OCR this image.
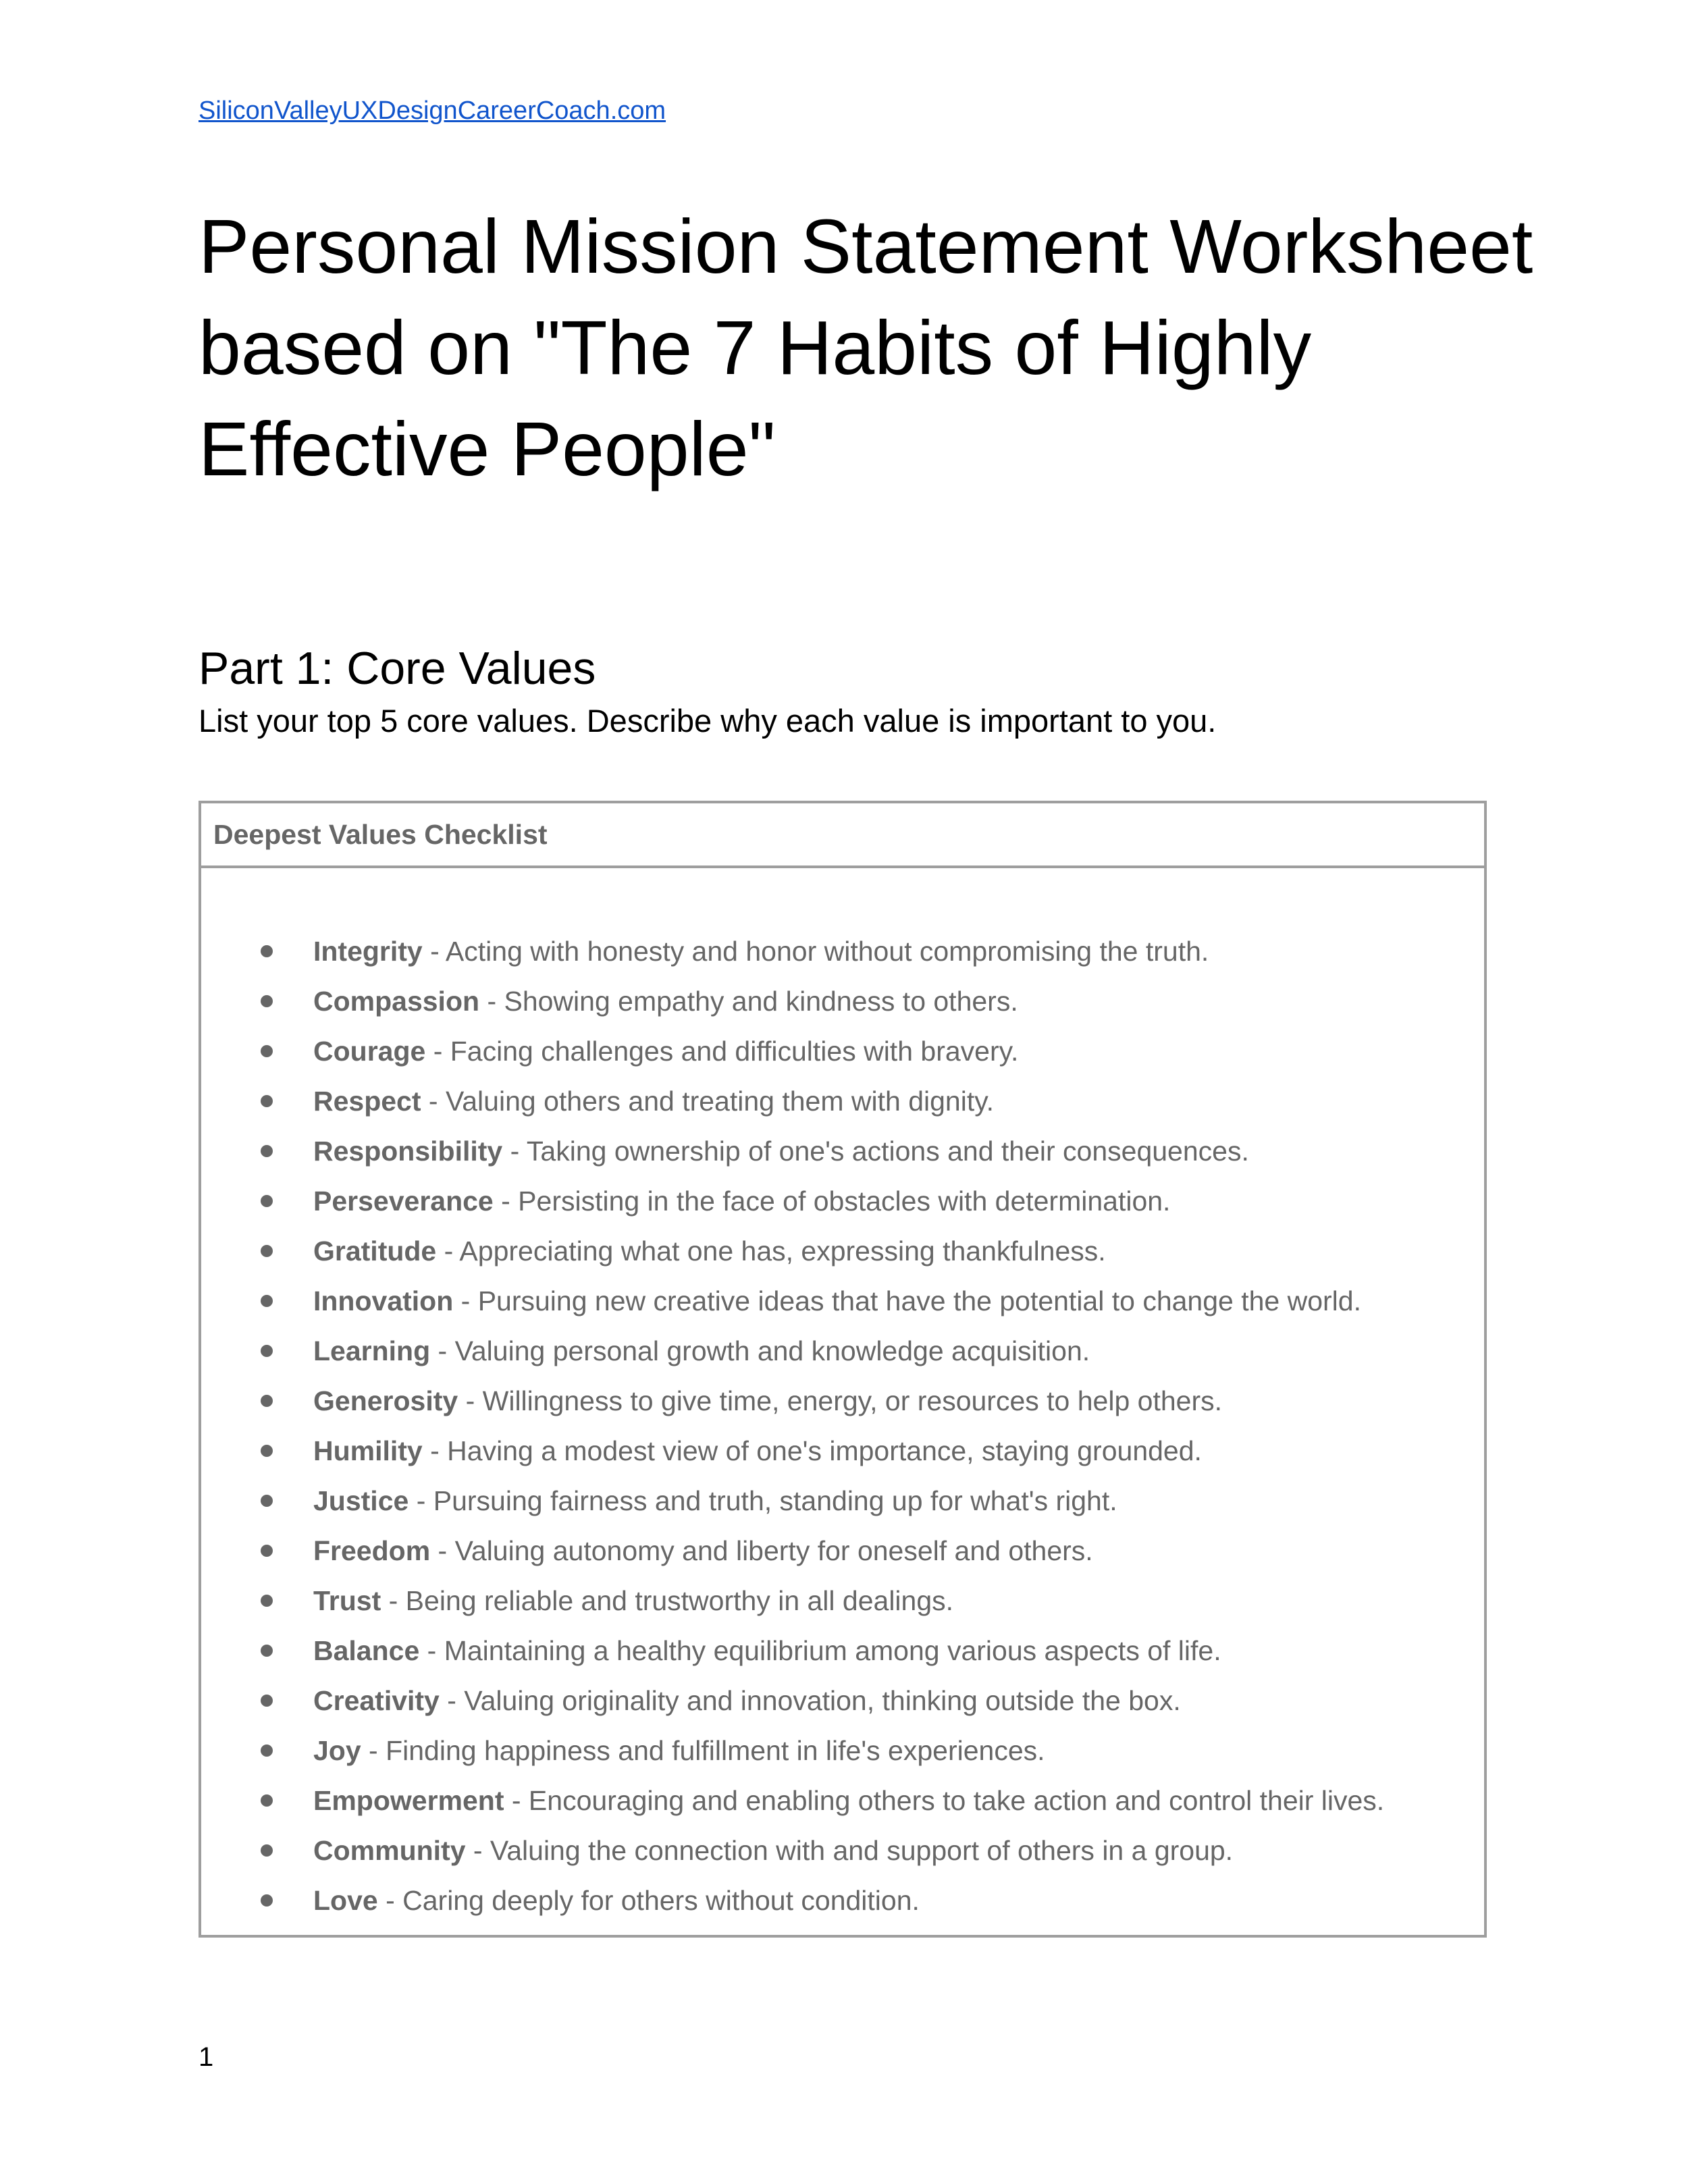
SiliconValleyUXDesignCareerCoach.com
Personal Mission Statement Worksheet based on "The 7 Habits of Highly Effective People"
Part 1: Core Values

List your top 5 core values. Describe why each value is important to you.

Deepest Values Checklist
Integrity - Acting with honesty and honor without compromising the truth.
Compassion - Showing empathy and kindness to others.
Courage - Facing challenges and difficulties with bravery.
Respect - Valuing others and treating them with dignity.
Responsibility - Taking ownership of one's actions and their consequences.
Perseverance - Persisting in the face of obstacles with determination.
Gratitude - Appreciating what one has, expressing thankfulness.
Innovation - Pursuing new creative ideas that have the potential to change the world.
Learning - Valuing personal growth and knowledge acquisition.
Generosity - Willingness to give time, energy, or resources to help others.
Humility - Having a modest view of one's importance, staying grounded.
Justice - Pursuing fairness and truth, standing up for what's right.
Freedom - Valuing autonomy and liberty for oneself and others.
Trust - Being reliable and trustworthy in all dealings.
Balance - Maintaining a healthy equilibrium among various aspects of life.
Creativity - Valuing originality and innovation, thinking outside the box.
Joy - Finding happiness and fulfillment in life's experiences.
Empowerment - Encouraging and enabling others to take action and control their lives.
Community - Valuing the connection with and support of others in a group.
Love - Caring deeply for others without condition.
1
